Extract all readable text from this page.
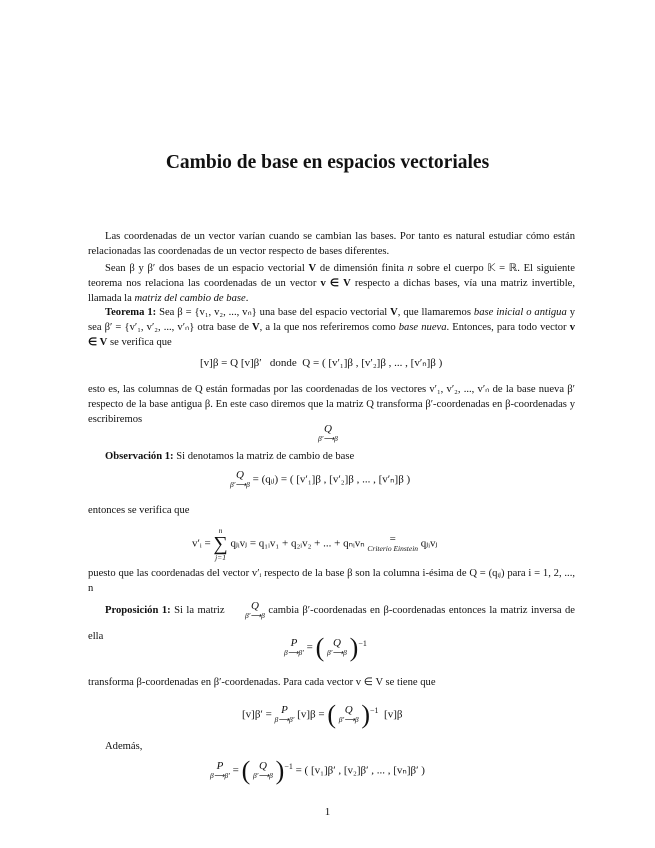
Cambio de base en espacios vectoriales
Las coordenadas de un vector varían cuando se cambian las bases. Por tanto es natural estudiar cómo están relacionadas las coordenadas de un vector respecto de bases diferentes.
Sean β y β′ dos bases de un espacio vectorial V de dimensión finita n sobre el cuerpo 𝕂 = ℝ. El siguiente teorema nos relaciona las coordenadas de un vector v ∈ V respecto a dichas bases, vía una matriz invertible, llamada la matriz del cambio de base.
Teorema 1: Sea β = {v₁, v₂, ..., vₙ} una base del espacio vectorial V, que llamaremos base inicial o antigua y sea β′ = {v′₁, v′₂, ..., v′ₙ} otra base de V, a la que nos referiremos como base nueva. Entonces, para todo vector v ∈ V se verifica que
[v]β = Q [v]β′ donde Q = ( [v′₁]β , [v′₂]β , ... , [v′ₙ]β )
esto es, las columnas de Q están formadas por las coordenadas de los vectores v′₁, v′₂, ..., v′ₙ de la base nueva β′ respecto de la base antigua β. En este caso diremos que la matriz Q transforma β′-coordenadas en β-coordenadas y escribiremos
Q
β′⟶β
Observación 1: Si denotamos la matriz de cambio de base
Q
β′⟶β = (qᵢⱼ) = ( [v′₁]β , [v′₂]β , ... , [v′ₙ]β )
entonces se verifica que
v′ᵢ =
n
∑
j=1
qⱼᵢvⱼ = q₁ᵢv₁ + q₂ᵢv₂ + ... + qₙᵢvₙ	=
Criterio Einstein qⱼᵢvⱼ
puesto que las coordenadas del vector v′ᵢ respecto de la base β son la columna i-ésima de Q = (qᵢⱼ) para i = 1, 2, ..., n
Proposición 1: Si la matriz	Q
β′⟶β cambia β′-coordenadas en β-coordenadas entonces la matriz inversa de ella
P
β⟶β′ = ( Q
β′⟶β )$^{-1}$
transforma β-coordenadas en β′-coordenadas. Para cada vector v ∈ V se tiene que
[v]β′ = P
β⟶β′ [v]β = ( Q
β′⟶β )$^{-1}$ [v]β
Además,
P
β⟶β′ = ( Q
β′⟶β )$^{-1}$ = ( [v₁]β′ , [v₂]β′ , ... , [vₙ]β′ )
1
